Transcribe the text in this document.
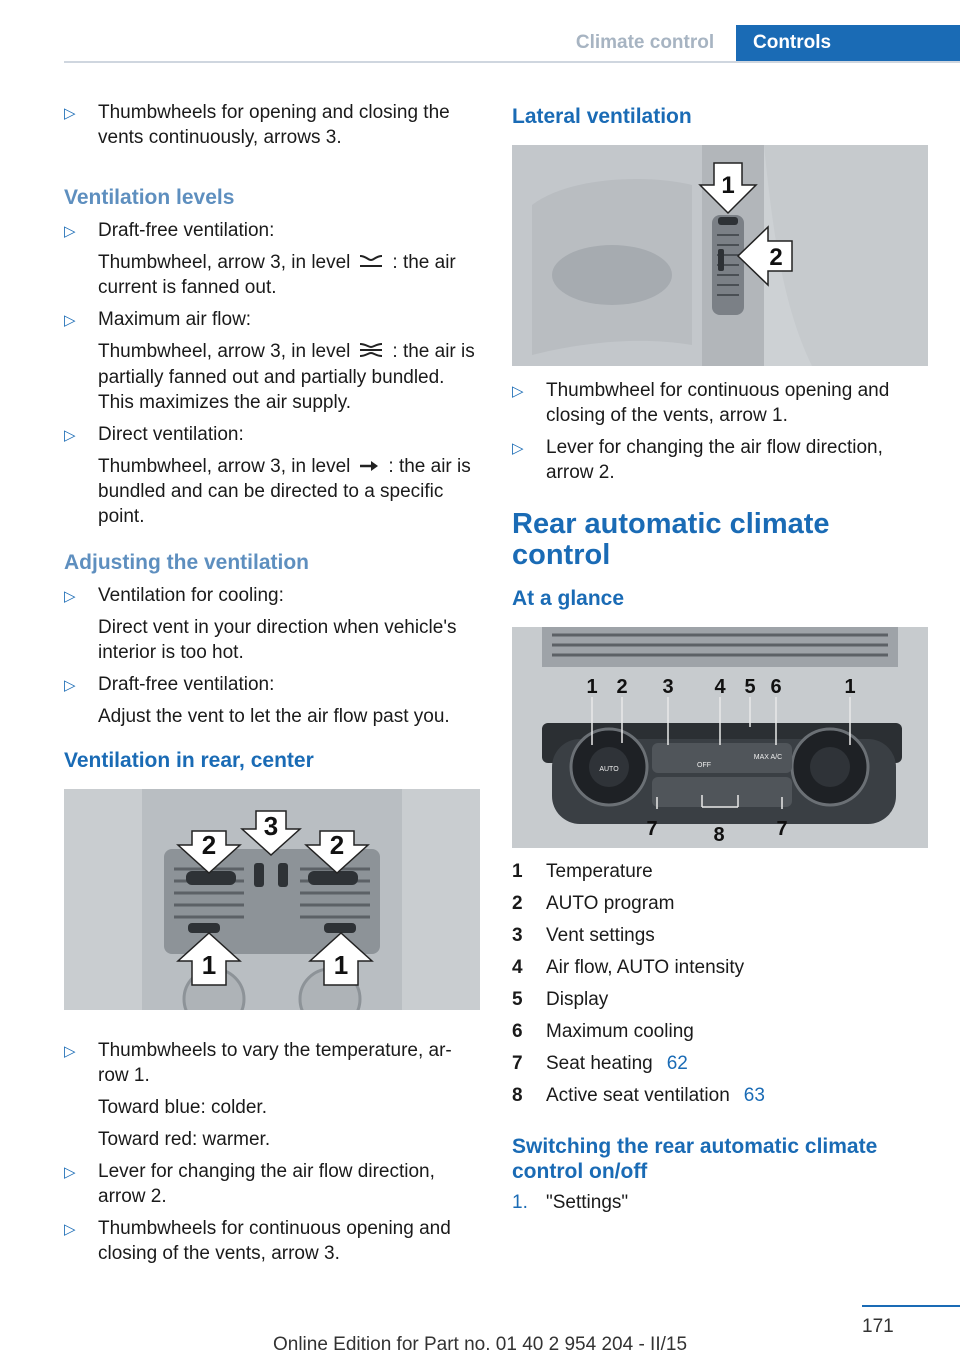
Climate control	Controls
▷ Thumbwheels for opening and closing the vents continuously, arrows 3.

Ventilation levels
▷ Draft-free ventilation:

Thumbwheel, arrow 3, in level : the air current is fanned out.

▷ Maximum air flow:

Thumbwheel, arrow 3, in level : the air is partially fanned out and partially bundled. This maximizes the air supply.

▷ Direct ventilation:

Thumbwheel, arrow 3, in level : the air is bundled and can be directed to a specific point.

Adjusting the ventilation
▷ Ventilation for cooling:

Direct vent in your direction when vehicle's interior is too hot.

▷ Draft-free ventilation:

Adjust the vent to let the air flow past you.

Ventilation in rear, center
2
3
2
1	1
▷ Thumbwheels to vary the temperature, ar‐row 1.

Toward blue: colder.

Toward red: warmer.

▷ Lever for changing the air flow direction, arrow 2.

▷ Thumbwheels for continuous opening and closing of the vents, arrow 3.

Lateral ventilation
1
2
▷ Thumbwheel for continuous opening and closing of the vents, arrow 1.

▷ Lever for changing the air flow direction, arrow 2.

Rear automatic climate control
At a glance
AUTO
OFF
MAX A/C
1 2 3 4 5 6	1
7	8	7
1	Temperature
2	AUTO program
3	Vent settings
4	Air flow, AUTO intensity
5	Display
6	Maximum cooling
7	Seat heating 62
8	Active seat ventilation 63
Switching the rear automatic climate control on/off
1. "Settings"
171
Online Edition for Part no. 01 40 2 954 204 - II/15
